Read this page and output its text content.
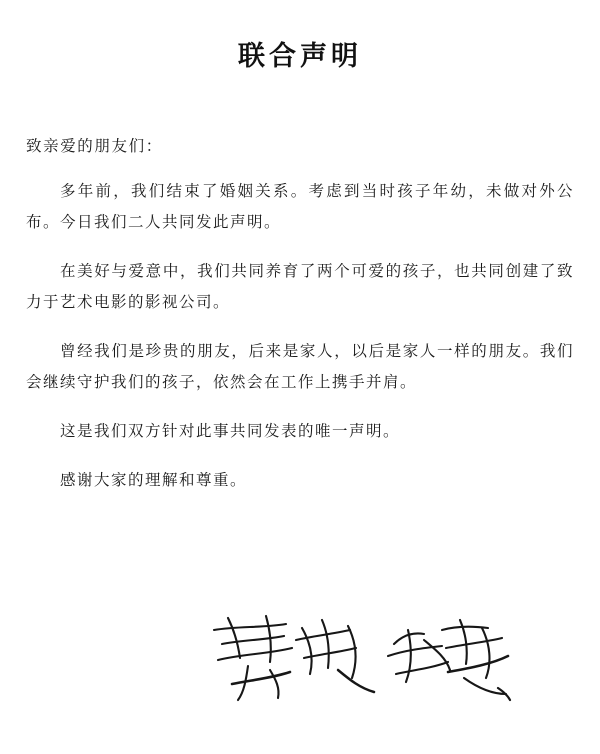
联合声明

致亲爱的朋友们：

多年前，我们结束了婚姻关系。考虑到当时孩子年幼，未做对外公布。今日我们二人共同发此声明。

在美好与爱意中，我们共同养育了两个可爱的孩子，也共同创建了致力于艺术电影的影视公司。

曾经我们是珍贵的朋友，后来是家人，以后是家人一样的朋友。我们会继续守护我们的孩子，依然会在工作上携手并肩。

这是我们双方针对此事共同发表的唯一声明。

感谢大家的理解和尊重。
